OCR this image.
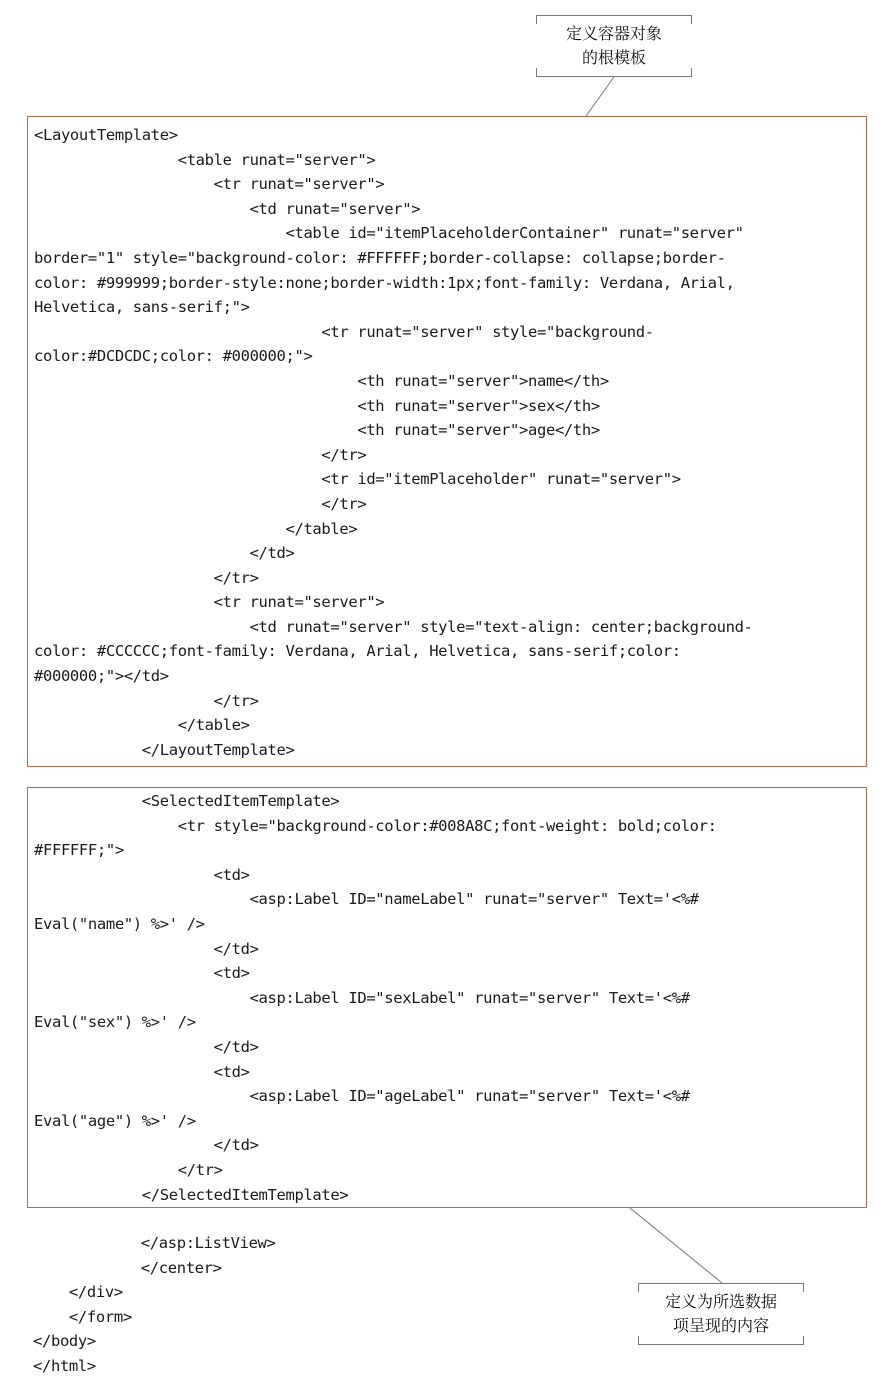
定义容器对象
的根模板
<LayoutTemplate>
<table runat="server">
<tr runat="server">
<td runat="server">
<table id="itemPlaceholderContainer" runat="server"
border="1" style="background-color: #FFFFFF;border-collapse: collapse;border-
color: #999999;border-style:none;border-width:1px;font-family: Verdana, Arial,
Helvetica, sans-serif;">
<tr runat="server" style="background-
color:#DCDCDC;color: #000000;">
<th runat="server">name</th>
<th runat="server">sex</th>
<th runat="server">age</th>
</tr>
<tr id="itemPlaceholder" runat="server">
</tr>
</table>
</td>
</tr>
<tr runat="server">
<td runat="server" style="text-align: center;background-
color: #CCCCCC;font-family: Verdana, Arial, Helvetica, sans-serif;color:
#000000;"></td>
</tr>
</table>
</LayoutTemplate>
<SelectedItemTemplate>
<tr style="background-color:#008A8C;font-weight: bold;color:
#FFFFFF;">
<td>
<asp:Label ID="nameLabel" runat="server" Text='<%#
Eval("name") %>' />
</td>
<td>
<asp:Label ID="sexLabel" runat="server" Text='<%#
Eval("sex") %>' />
</td>
<td>
<asp:Label ID="ageLabel" runat="server" Text='<%#
Eval("age") %>' />
</td>
</tr>
</SelectedItemTemplate>
</asp:ListView>
</center>
</div>
</form>
</body>
</html>
定义为所选数据
项呈现的内容
